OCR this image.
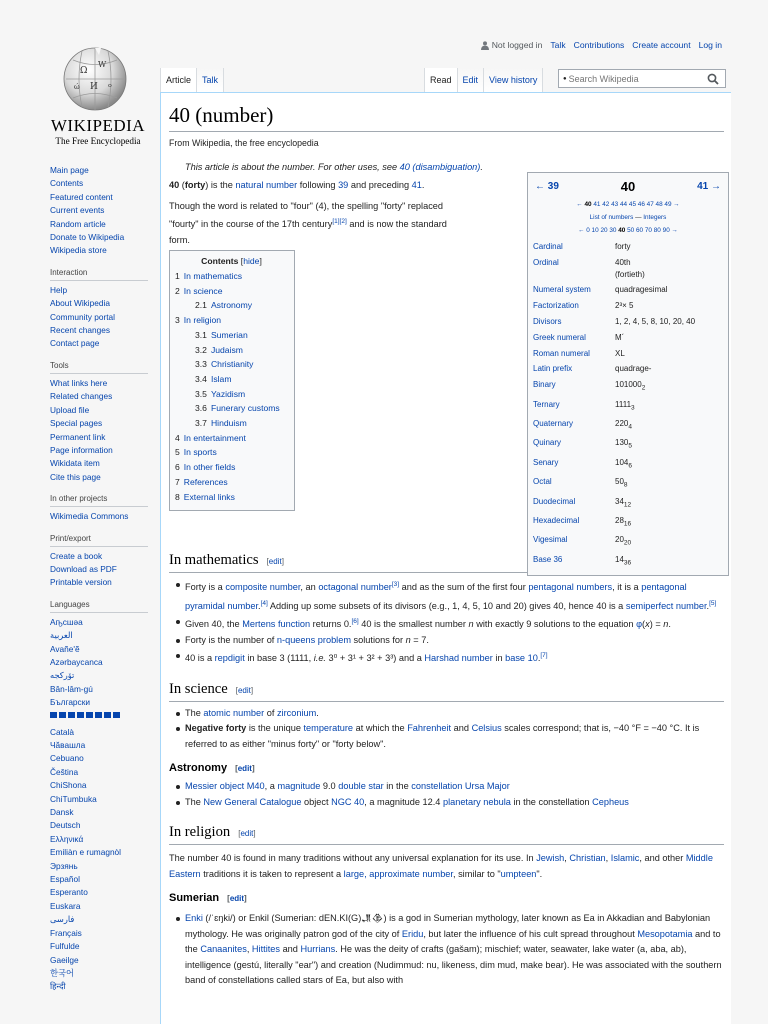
Ω
W
И
ώ	ᄋ
WIKIPEDIA
The Free Encyclopedia
Not logged in Talk Contributions Create account Log in
Article	Talk	Read	Edit	View history	●
Search Wikipedia
Main page
Contents
Featured content
Current events
Random article
Donate to Wikipedia
Wikipedia store
Interaction
Help
About Wikipedia
Community portal
Recent changes
Contact page
Tools
What links here
Related changes
Upload file
Special pages
Permanent link
Page information
Wikidata item
Cite this page
In other projects
Wikimedia Commons
Print/export
Create a book
Download as PDF
Printable version
Languages
Аҧсшәа
العربية
Avañe'ẽ
Azərbaycanca
تۆرکجه
Bân-lâm-gú
Български
Català
Чӑвашла
Cebuano
Čeština
ChiShona
ChiTumbuka
Dansk
Deutsch
Ελληνικά
Emiliàn e rumagnòl
Эрзянь
Español
Esperanto
Euskara
فارسی
Français
Fulfulde
Gaeilge
한국어
हिन्दी
40 (number)
From Wikipedia, the free encyclopedia
This article is about the number. For other uses, see 40 (disambiguation).

40 (forty) is the natural number following 39 and preceding 41.

Though the word is related to "four" (4), the spelling "forty" replaced "fourty" in the course of the 17th century[1][2] and is now the standard form.

Contents [hide]
1 In mathematics
2 In science
2.1 Astronomy
3 In religion
3.1 Sumerian
3.2 Judaism
3.3 Christianity
3.4 Islam
3.5 Yazidism
3.6 Funerary customs
3.7 Hinduism
4 In entertainment
5 In sports
6 In other fields
7 References
8 External links
← 39	40	41 →
← 40 41 42 43 44 45 46 47 48 49 →
List of numbers — Integers
← 0 10 20 30 40 50 60 70 80 90 →
Cardinal	forty
Ordinal	40th
(fortieth)
Numeral system	quadragesimal
Factorization	2³× 5
Divisors	1, 2, 4, 5, 8, 10, 20, 40
Greek numeral	Μ´
Roman numeral	XL
Latin prefix	quadrage-
Binary	$101000_2$
Ternary	$1111_3$
Quaternary	$220_4$
Quinary	$130_5$
Senary	$104_6$
Octal	$50_8$
Duodecimal	$34_{12}$
Hexadecimal	$28_{16}$
Vigesimal	$20_{20}$
Base 36	$14_{36}$
In mathematics [edit]
Forty is a composite number, an octagonal number[3] and as the sum of the first four pentagonal numbers, it is a pentagonal pyramidal number.[4] Adding up some subsets of its divisors (e.g., 1, 4, 5, 10 and 20) gives 40, hence 40 is a semiperfect number.[5]
Given 40, the Mertens function returns 0.[6] 40 is the smallest number n with exactly 9 solutions to the equation φ(x) = n.
Forty is the number of n-queens problem solutions for n = 7.
40 is a repdigit in base 3 (1111, i.e. 3⁰ + 3¹ + 3² + 3³) and a Harshad number in base 10.[7]
In science [edit]
The atomic number of zirconium.
Negative forty is the unique temperature at which the Fahrenheit and Celsius scales correspond; that is, −40 °F = −40 °C. It is referred to as either "minus forty" or "forty below".
Astronomy [edit]
Messier object M40, a magnitude 9.0 double star in the constellation Ursa Major
The New General Catalogue object NGC 40, a magnitude 12.4 planetary nebula in the constellation Cepheus
In religion [edit]

The number 40 is found in many traditions without any universal explanation for its use. In Jewish, Christian, Islamic, and other Middle Eastern traditions it is taken to represent a large, approximate number, similar to "umpteen".

Sumerian [edit]
Enki (/ˈɛŋki/) or Enkil (Sumerian: dEN.KI(G)𒂗𒆠) is a god in Sumerian mythology, later known as Ea in Akkadian and Babylonian mythology. He was originally patron god of the city of Eridu, but later the influence of his cult spread throughout Mesopotamia and to the Canaanites, Hittites and Hurrians. He was the deity of crafts (gašam); mischief; water, seawater, lake water (a, aba, ab), intelligence (gestú, literally "ear") and creation (Nudimmud: nu, likeness, dim mud, make bear). He was associated with the southern band of constellations called stars of Ea, but also with
